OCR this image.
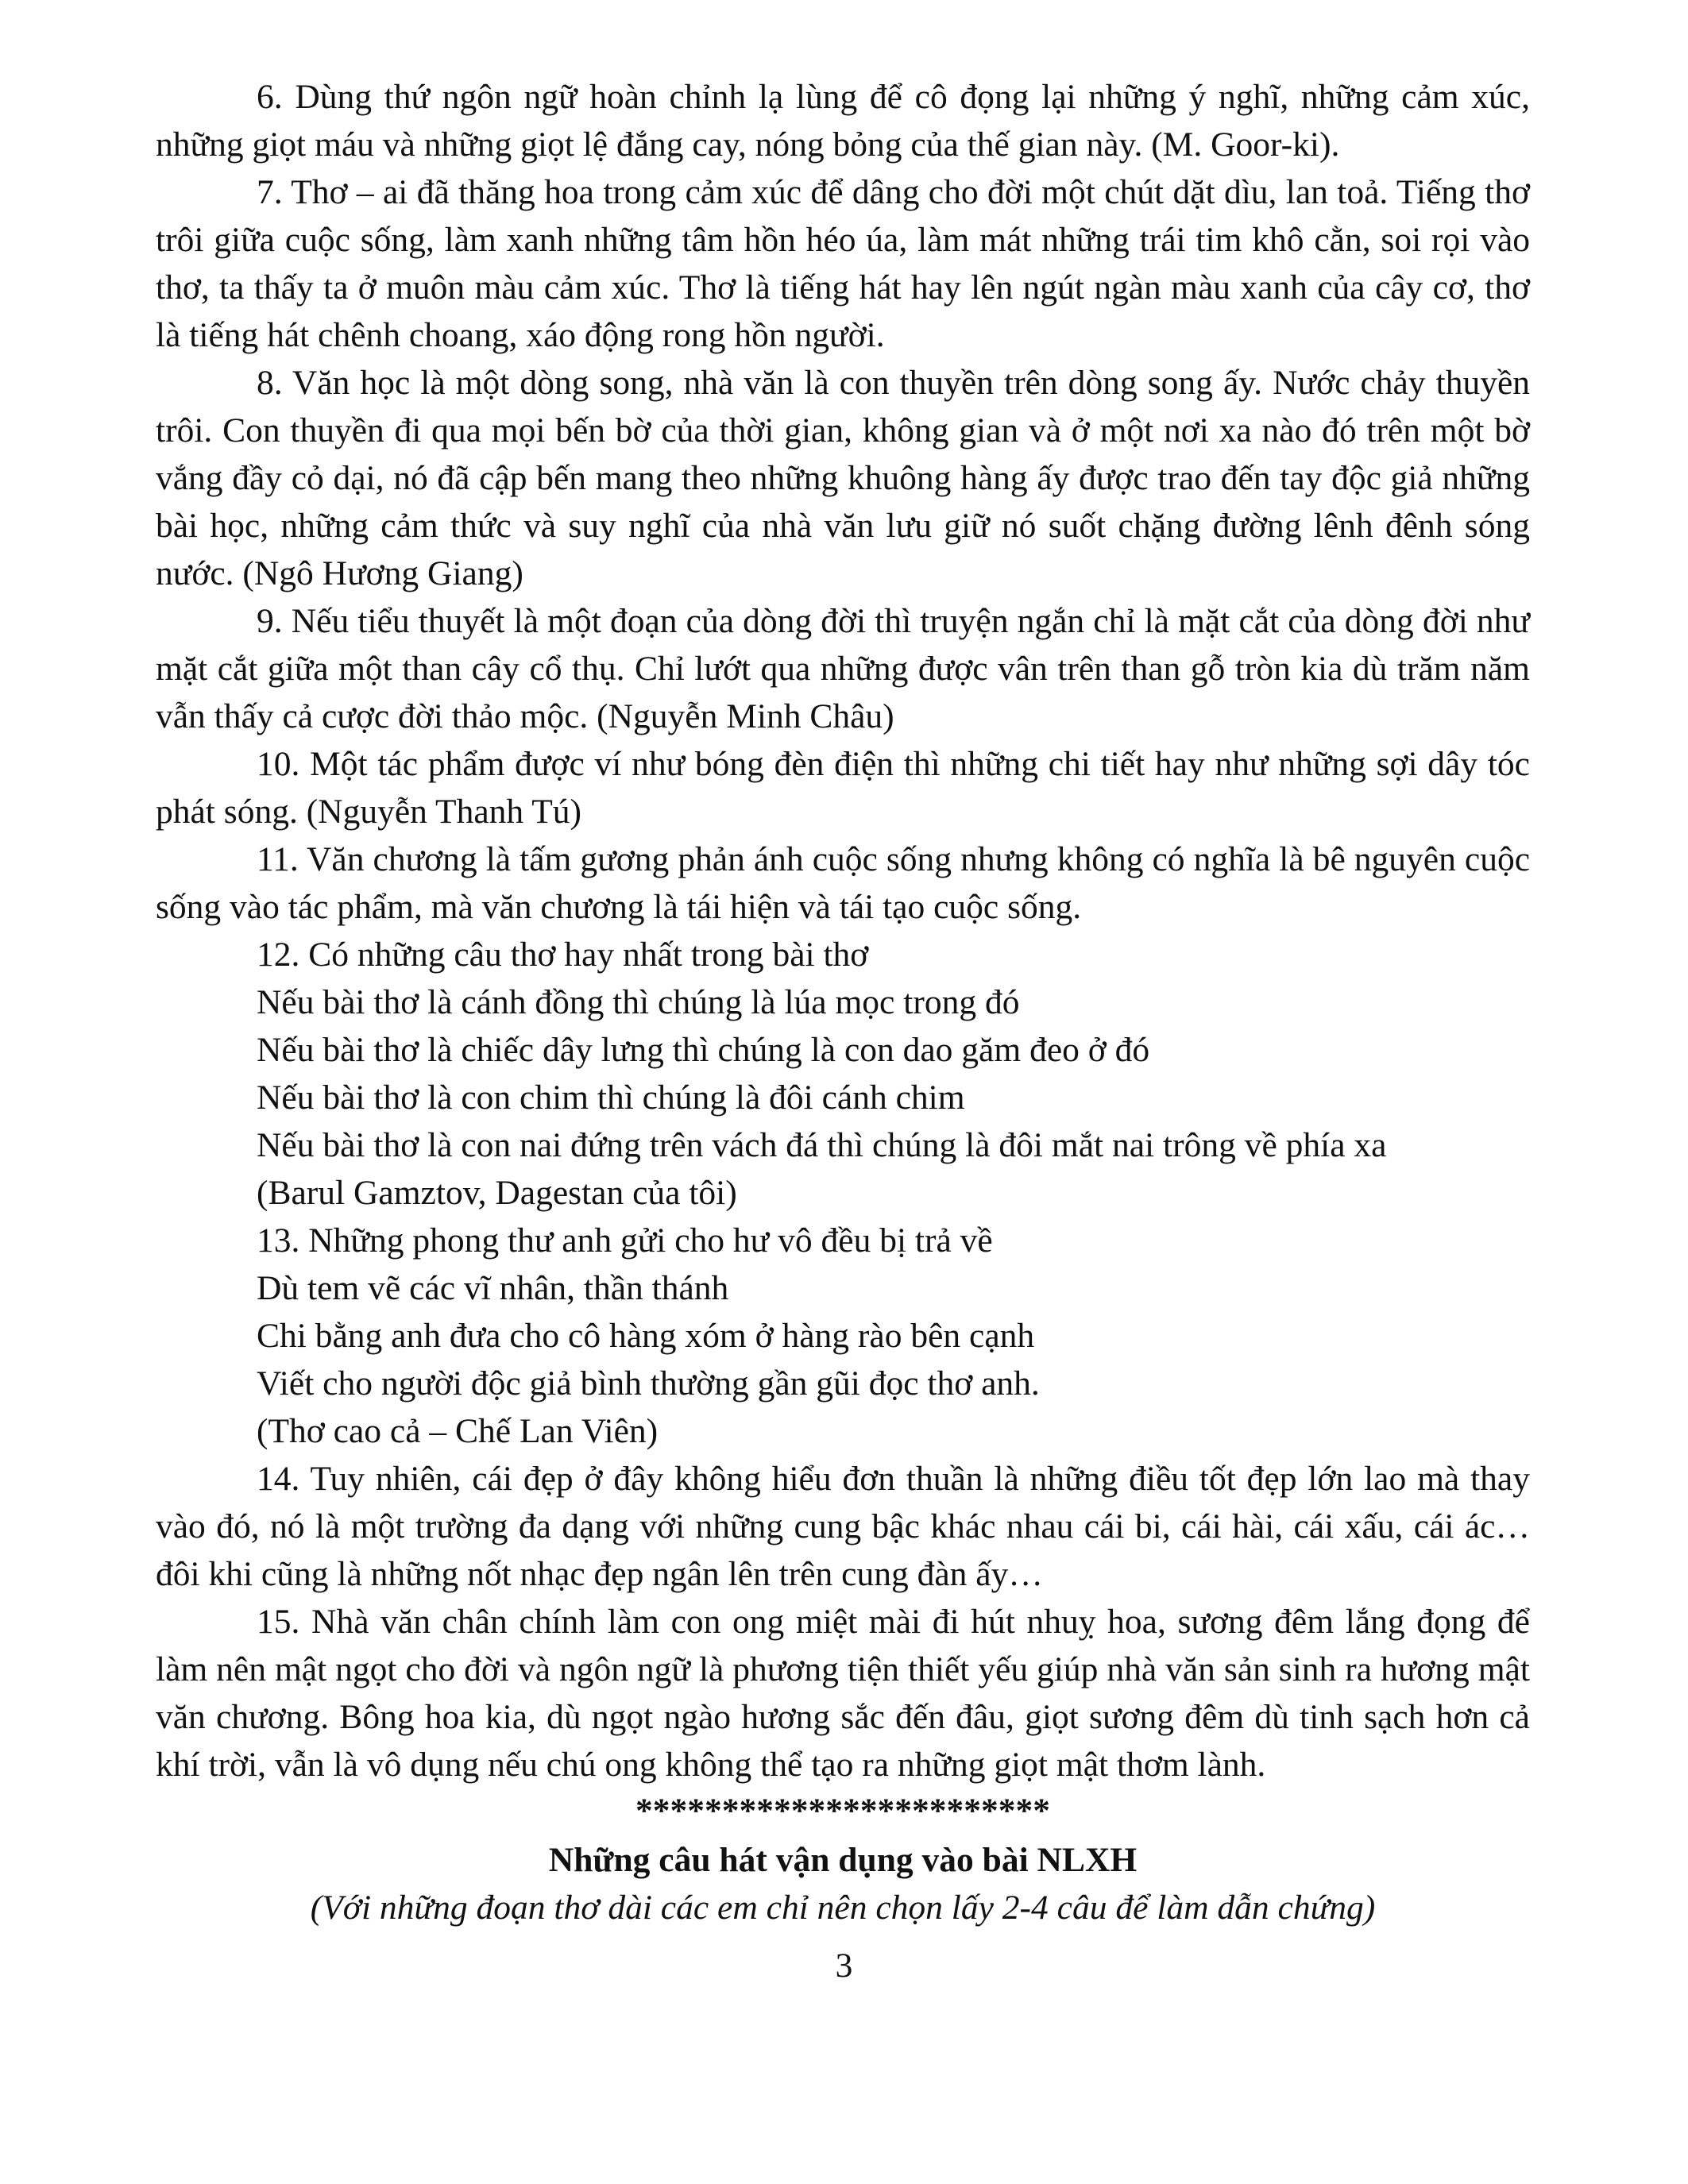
6. Dùng thứ ngôn ngữ hoàn chỉnh lạ lùng để cô đọng lại những ý nghĩ, những cảm xúc, những giọt máu và những giọt lệ đắng cay, nóng bỏng của thế gian này. (M. Goor-ki).

7. Thơ – ai đã thăng hoa trong cảm xúc để dâng cho đời một chút dặt dìu, lan toả. Tiếng thơ trôi giữa cuộc sống, làm xanh những tâm hồn héo úa, làm mát những trái tim khô cằn, soi rọi vào thơ, ta thấy ta ở muôn màu cảm xúc. Thơ là tiếng hát hay lên ngút ngàn màu xanh của cây cơ, thơ là tiếng hát chênh choang, xáo động rong hồn người.

8. Văn học là một dòng song, nhà văn là con thuyền trên dòng song ấy. Nước chảy thuyền trôi. Con thuyền đi qua mọi bến bờ của thời gian, không gian và ở một nơi xa nào đó trên một bờ vắng đầy cỏ dại, nó đã cập bến mang theo những khuông hàng ấy được trao đến tay độc giả những bài học, những cảm thức và suy nghĩ của nhà văn lưu giữ nó suốt chặng đường lênh đênh sóng nước. (Ngô Hương Giang)

9. Nếu tiểu thuyết là một đoạn của dòng đời thì truyện ngắn chỉ là mặt cắt của dòng đời như mặt cắt giữa một than cây cổ thụ. Chỉ lướt qua những được vân trên than gỗ tròn kia dù trăm năm vẫn thấy cả cược đời thảo mộc. (Nguyễn Minh Châu)

10. Một tác phẩm được ví như bóng đèn điện thì những chi tiết hay như những sợi dây tóc phát sóng. (Nguyễn Thanh Tú)

11. Văn chương là tấm gương phản ánh cuộc sống nhưng không có nghĩa là bê nguyên cuộc sống vào tác phẩm, mà văn chương là tái hiện và tái tạo cuộc sống.

12. Có những câu thơ hay nhất trong bài thơ

Nếu bài thơ là cánh đồng thì chúng là lúa mọc trong đó

Nếu bài thơ là chiếc dây lưng thì chúng là con dao găm đeo ở đó

Nếu bài thơ là con chim thì chúng là đôi cánh chim

Nếu bài thơ là con nai đứng trên vách đá thì chúng là đôi mắt nai trông về phía xa

(Barul Gamztov, Dagestan của tôi)

13. Những phong thư anh gửi cho hư vô đều bị trả về

Dù tem vẽ các vĩ nhân, thần thánh

Chi bằng anh đưa cho cô hàng xóm ở hàng rào bên cạnh

Viết cho người độc giả bình thường gần gũi đọc thơ anh.

(Thơ cao cả – Chế Lan Viên)

14. Tuy nhiên, cái đẹp ở đây không hiểu đơn thuần là những điều tốt đẹp lớn lao mà thay vào đó, nó là một trường đa dạng với những cung bậc khác nhau cái bi, cái hài, cái xấu, cái ác…đôi khi cũng là những nốt nhạc đẹp ngân lên trên cung đàn ấy…

15. Nhà văn chân chính làm con ong miệt mài đi hút nhuỵ hoa, sương đêm lắng đọng để làm nên mật ngọt cho đời và ngôn ngữ là phương tiện thiết yếu giúp nhà văn sản sinh ra hương mật văn chương. Bông hoa kia, dù ngọt ngào hương sắc đến đâu, giọt sương đêm dù tinh sạch hơn cả khí trời, vẫn là vô dụng nếu chú ong không thể tạo ra những giọt mật thơm lành.

************************

Những câu hát vận dụng vào bài NLXH

(Với những đoạn thơ dài các em chỉ nên chọn lấy 2-4 câu để làm dẫn chứng)

3
